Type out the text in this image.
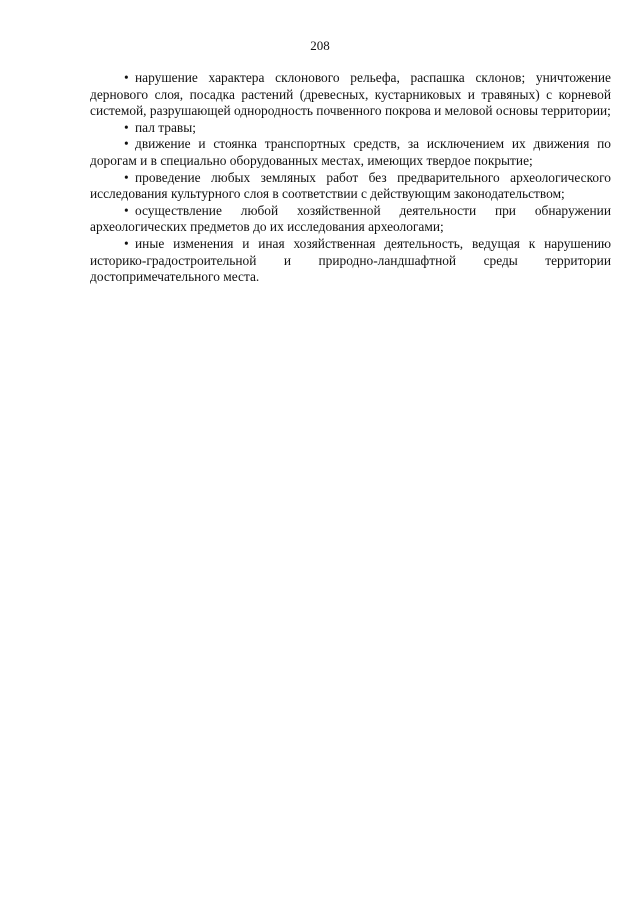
208

• нарушение характера склонового рельефа, распашка склонов; уничтожение дернового слоя, посадка растений (древесных, кустарниковых и травяных) с корневой системой, разрушающей однородность почвенного покрова и меловой основы территории;

• пал травы;

• движение и стоянка транспортных средств, за исключением их движения по дорогам и в специально оборудованных местах, имеющих твердое покрытие;

• проведение любых земляных работ без предварительного археологического исследования культурного слоя в соответствии с действующим законодательством;

• осуществление любой хозяйственной деятельности при обнаружении археологических предметов до их исследования археологами;

• иные изменения и иная хозяйственная деятельность, ведущая к нарушению историко-градостроительной и природно-ландшафтной среды территории достопримечательного места.
